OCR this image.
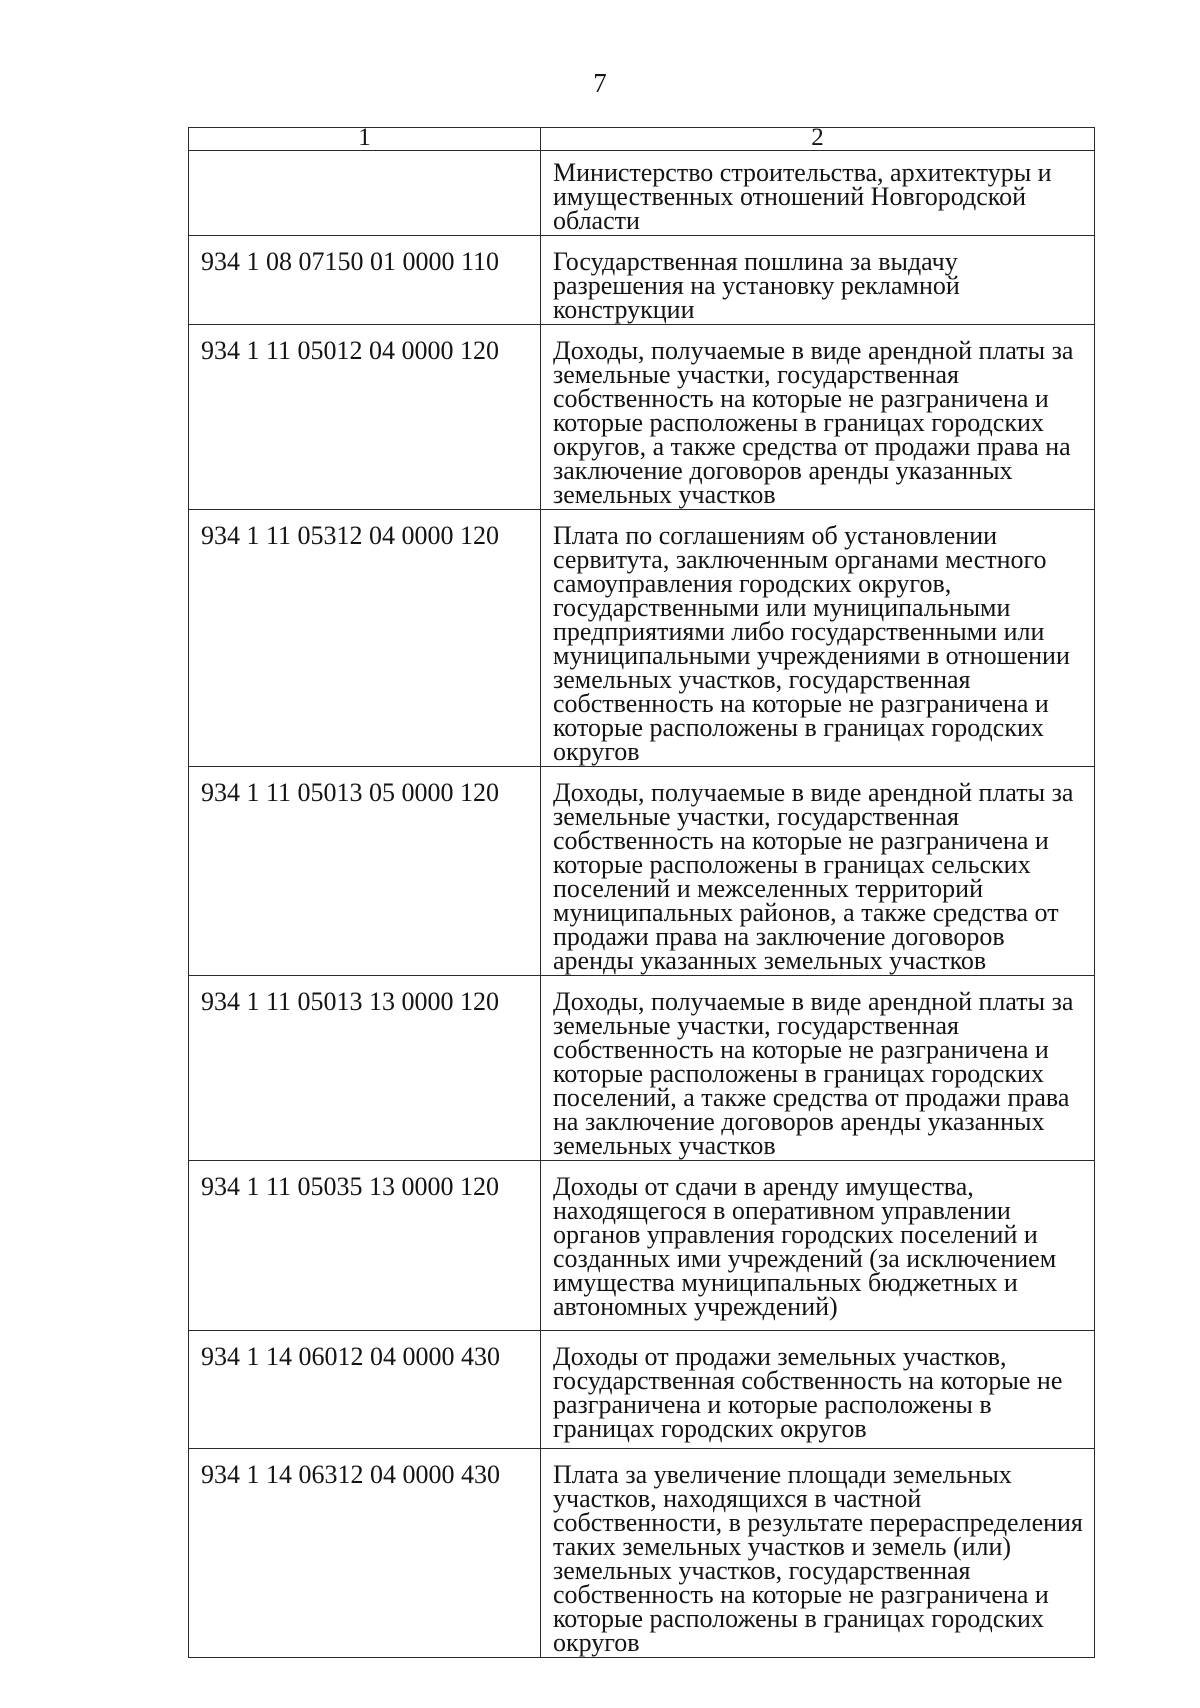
7
1	2
	Министерство строительства, архитектуры и имущественных отношений Новгородской области
934 1 08 07150 01 0000 110	Государственная пошлина за выдачу разрешения на установку рекламной конструкции
934 1 11 05012 04 0000 120	Доходы, получаемые в виде арендной платы за земельные участки, государственная собственность на которые не разграничена и которые расположены в границах городских округов, а также средства от продажи права на заключение договоров аренды указанных земельных участков
934 1 11 05312 04 0000 120	Плата по соглашениям об установлении сервитута, заключенным органами местного самоуправления городских округов, государственными или муниципальными предприятиями либо государственными или муниципальными учреждениями в отношении земельных участков, государственная собственность на которые не разграничена и которые расположены в границах городских округов
934 1 11 05013 05 0000 120	Доходы, получаемые в виде арендной платы за земельные участки, государственная собственность на которые не разграничена и которые расположены в границах сельских поселений и межселенных территорий муниципальных районов, а также средства от продажи права на заключение договоров аренды указанных земельных участков
934 1 11 05013 13 0000 120	Доходы, получаемые в виде арендной платы за земельные участки, государственная собственность на которые не разграничена и которые расположены в границах городских поселений, а также средства от продажи права на заключение договоров аренды указанных земельных участков
934 1 11 05035 13 0000 120	Доходы от сдачи в аренду имущества, находящегося в оперативном управлении органов управления городских поселений и созданных ими учреждений (за исключением имущества муниципальных бюджетных и автономных учреждений)
934 1 14 06012 04 0000 430	Доходы от продажи земельных участков, государственная собственность на которые не разграничена и которые расположены в границах городских округов
934 1 14 06312 04 0000 430	Плата за увеличение площади земельных участков, находящихся в частной собственности, в результате перераспределения таких земельных участков и земель (или) земельных участков, государственная собственность на которые не разграничена и которые расположены в границах городских округов
